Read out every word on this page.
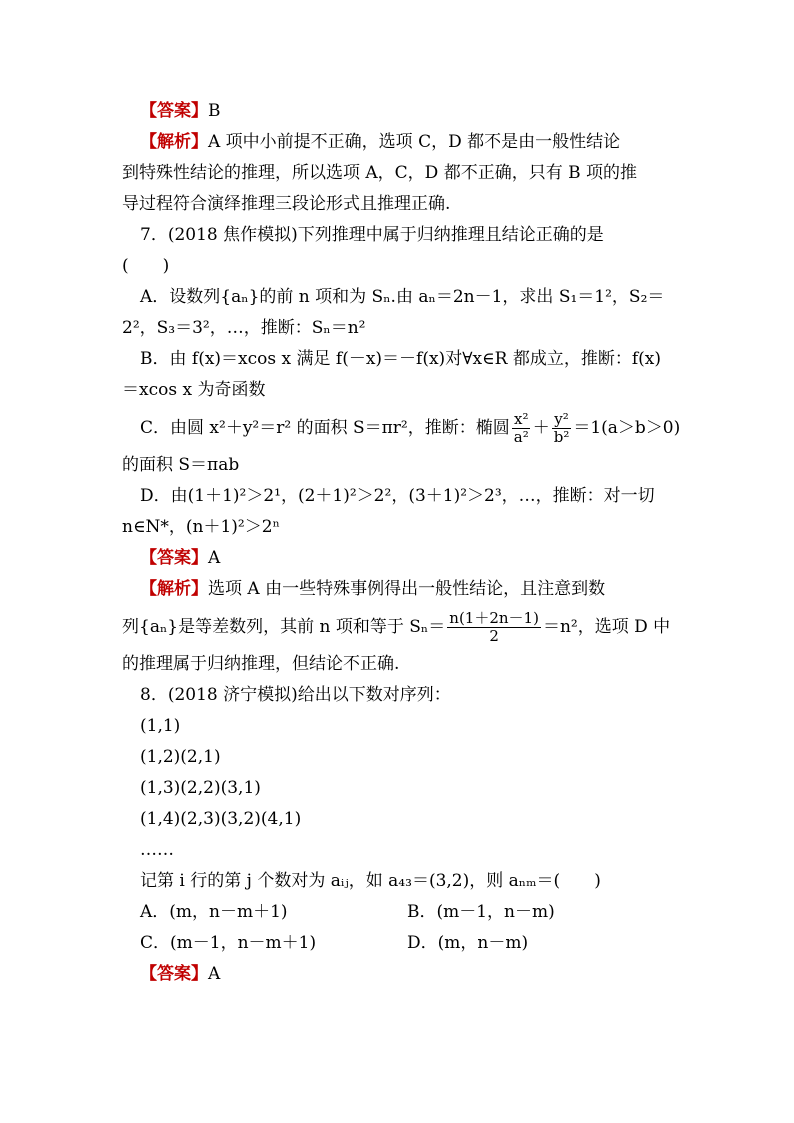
【答案】B
【解析】A 项中小前提不正确，选项 C，D 都不是由一般性结论
到特殊性结论的推理，所以选项 A，C，D 都不正确，只有 B 项的推
导过程符合演绎推理三段论形式且推理正确.
7．(2018 焦作模拟)下列推理中属于归纳推理且结论正确的是
(　　)
A．设数列{aₙ}的前 n 项和为 Sₙ.由 aₙ＝2n－1，求出 S₁＝1²，S₂＝
2²，S₃＝3²，…，推断：Sₙ＝n²
B．由 f(x)＝xcos x 满足 f(－x)＝－f(x)对∀x∈R 都成立，推断：f(x)
＝xcos x 为奇函数
C．由圆 x²＋y²＝r² 的面积 S＝πr²，推断：椭圆 $\frac{\text{x²}}{\text{a²}} + \frac{\text{y²}}{\text{b²}} =1(a>b>0)$
的面积 S＝πab
D．由(1＋1)²＞2¹，(2＋1)²＞2²，(3＋1)²＞2³，…，推断：对一切
n∈N*，(n＋1)²＞2ⁿ
【答案】A
【解析】选项 A 由一些特殊事例得出一般性结论，且注意到数
列{aₙ}是等差数列，其前 n 项和等于 $S_n= \frac{n(1+2n-1)}{2} =n^2$，选项 D 中
的推理属于归纳推理，但结论不正确.
8．(2018 济宁模拟)给出以下数对序列：
(1,1)
(1,2)(2,1)
(1,3)(2,2)(3,1)
(1,4)(2,3)(3,2)(4,1)
……
记第 i 行的第 j 个数对为 aᵢⱼ，如 a₄₃＝(3,2)，则 aₙₘ＝(　　)
A．(m，n－m＋1)	B．(m－1，n－m)
C．(m－1，n－m＋1)	D．(m，n－m)
【答案】A
